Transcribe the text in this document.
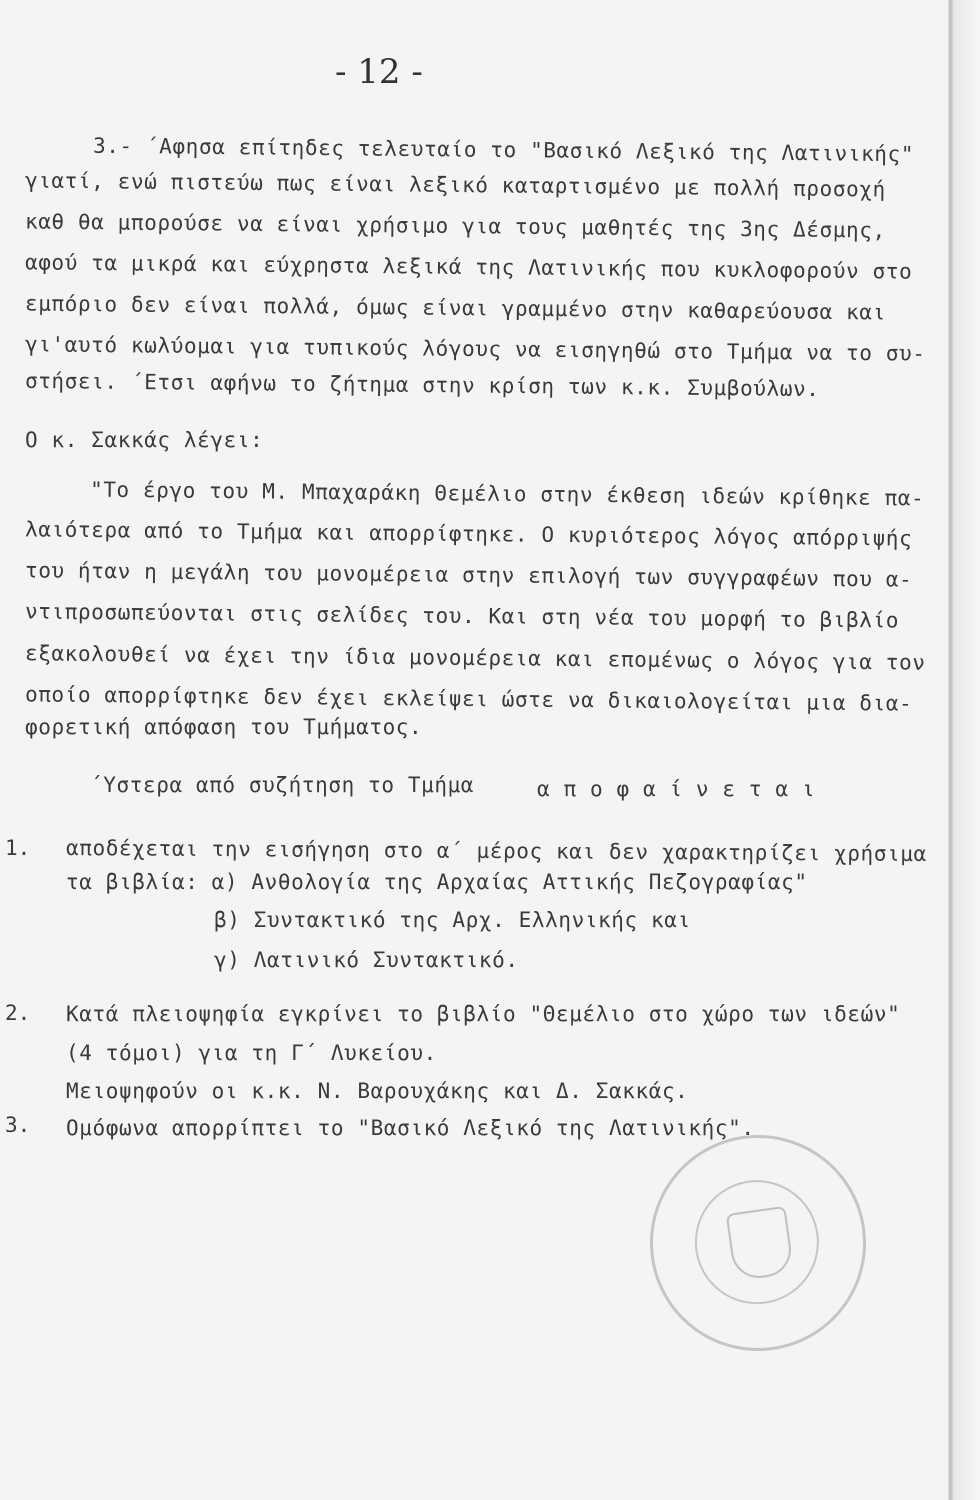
- 12 -
3.- ΄Αφησα επίτηδες τελευταίο το "Βασικό Λεξικό της Λατινικής"
γιατί, ενώ πιστεύω πως είναι λεξικό καταρτισμένο με πολλή προσοχή
καθ θα μπορούσε να είναι χρήσιμο για τους μαθητές της 3ης Δέσμης,
αφού τα μικρά και εύχρηστα λεξικά της Λατινικής που κυκλοφορούν στο
εμπόριο δεν είναι πολλά, όμως είναι γραμμένο στην καθαρεύουσα και
γι'αυτό κωλύομαι για τυπικούς λόγους να εισηγηθώ στο Τμήμα να το συ-
στήσει. ΄Ετσι αφήνω το ζήτημα στην κρίση των κ.κ. Συμβούλων.
Ο κ. Σακκάς λέγει:
"Το έργο του Μ. Μπαχαράκη Θεμέλιο στην έκθεση ιδεών κρίθηκε πα-
λαιότερα από το Τμήμα και απορρίφτηκε. Ο κυριότερος λόγος απόρριψής
του ήταν η μεγάλη του μονομέρεια στην επιλογή των συγγραφέων που α-
ντιπροσωπεύονται στις σελίδες του. Και στη νέα του μορφή το βιβλίο
εξακολουθεί να έχει την ίδια μονομέρεια και επομένως ο λόγος για τον
οποίο απορρίφτηκε δεν έχει εκλείψει ώστε να δικαιολογείται μια δια-
φορετική απόφαση του Τμήματος.
΄Υστερα από συζήτηση το Τμήμα	α π ο φ α ί ν ε τ α ι
1. αποδέχεται την εισήγηση στο α΄ μέρος και δεν χαρακτηρίζει χρήσιμα
τα βιβλία: α) Ανθολογία της Αρχαίας Αττικής Πεζογραφίας"
β) Συντακτικό της Αρχ. Ελληνικής και
γ) Λατινικό Συντακτικό.
2. Κατά πλειοψηφία εγκρίνει το βιβλίο "Θεμέλιο στο χώρο των ιδεών"
(4 τόμοι) για τη Γ΄ Λυκείου.
Μειοψηφούν οι κ.κ. Ν. Βαρουχάκης και Δ. Σακκάς.
3. Ομόφωνα απορρίπτει το "Βασικό Λεξικό της Λατινικής".
